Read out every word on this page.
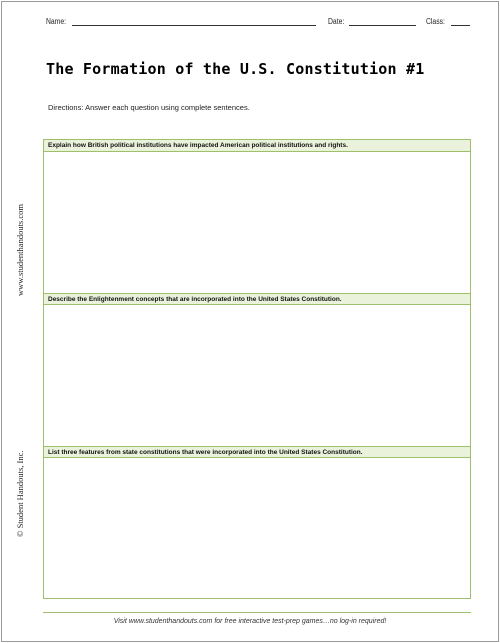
Name:	Date:	Class:
The Formation of the U.S. Constitution #1
Directions: Answer each question using complete sentences.
www.studenthandouts.com
© Student Handouts, Inc.
Explain how British political institutions have impacted American political institutions and rights.
Describe the Enlightenment concepts that are incorporated into the United States Constitution.
List three features from state constitutions that were incorporated into the United States Constitution.
Visit www.studenthandouts.com for free interactive test-prep games…no log-in required!
